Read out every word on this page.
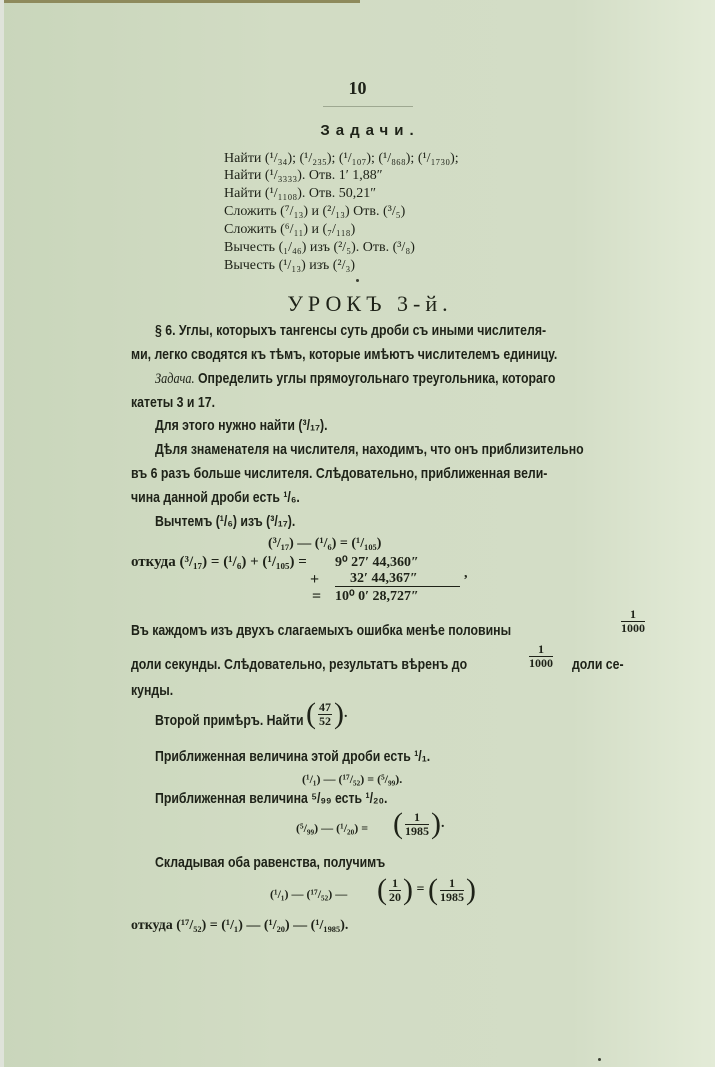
10
Задачи.
Найти (¹/₃₄); (¹/₂₃₅); (¹/₁₀₇); (¹/₈₆₈); (¹/₁₇₃₀);
Найти (¹/₃₃₃₃). Отв. 1′ 1,88″
Найти (¹/₁₁₀₈). Отв. 50,21″
Сложить (⁷/₁₃) и (²/₁₃) Отв. (³/₅)
Сложить (⁶/₁₁) и (₇/₁₁₈)
Вычесть (₁/₄₆) изъ (²/₅). Отв. (³/₈)
Вычесть (¹/₁₃) изъ (²/₃)
УРОКЪ 3-й.
§ 6. Углы, которыхъ тангенсы суть дроби съ иными числителя-
ми, легко сводятся къ тѣмъ, которые имѣютъ числителемъ единицу.
Задача. Определить углы прямоугольнаго треугольника, котораго
катеты 3 и 17.
Для этого нужно найти (³/₁₇).
Дѣля знаменателя на числителя, находимъ, что онъ приблизительно
въ 6 разъ больше числителя. Слѣдовательно, приближенная вели-
чина данной дроби есть ¹/₆.
Вычтемъ (¹/₆) изъ (³/₁₇).
(³/₁₇) — (¹/₆) = (¹/₁₀₅)
откуда (³/₁₇) = (¹/₆) + (¹/₁₀₅) = 9⁰ 27′ 44,360″
+ 32′ 44,367″	,
= 10⁰ 0′ 28,727″
Въ каждомъ изъ двухъ слагаемыхъ ошибка менѣе половины	$\frac{1}{1000}$
доли секунды. Слѣдовательно, результатъ вѣренъ до	$\frac{1}{1000}$ доли се-
кунды.
Второй примѣръ. Найти ( $\frac{47}{52}$ ).
Приближенная величина этой дроби есть ¹/₁.
(¹/₁) — (¹⁷/₅₂) = (⁵/₉₉).
Приближенная величина ⁵/₉₉ есть ¹/₂₀.
(⁵/₉₉) — (¹/₂₀) = ( $\frac{1}{1985}$ ).
Складывая оба равенства, получимъ
(¹/₁) — (¹⁷/₅₂) — ( $\frac{1}{20}$ ) = ( $\frac{1}{1985}$ )
откуда (¹⁷/₅₂) = (¹/₁) — (¹/₂₀) — (¹/₁₉₈₅).
